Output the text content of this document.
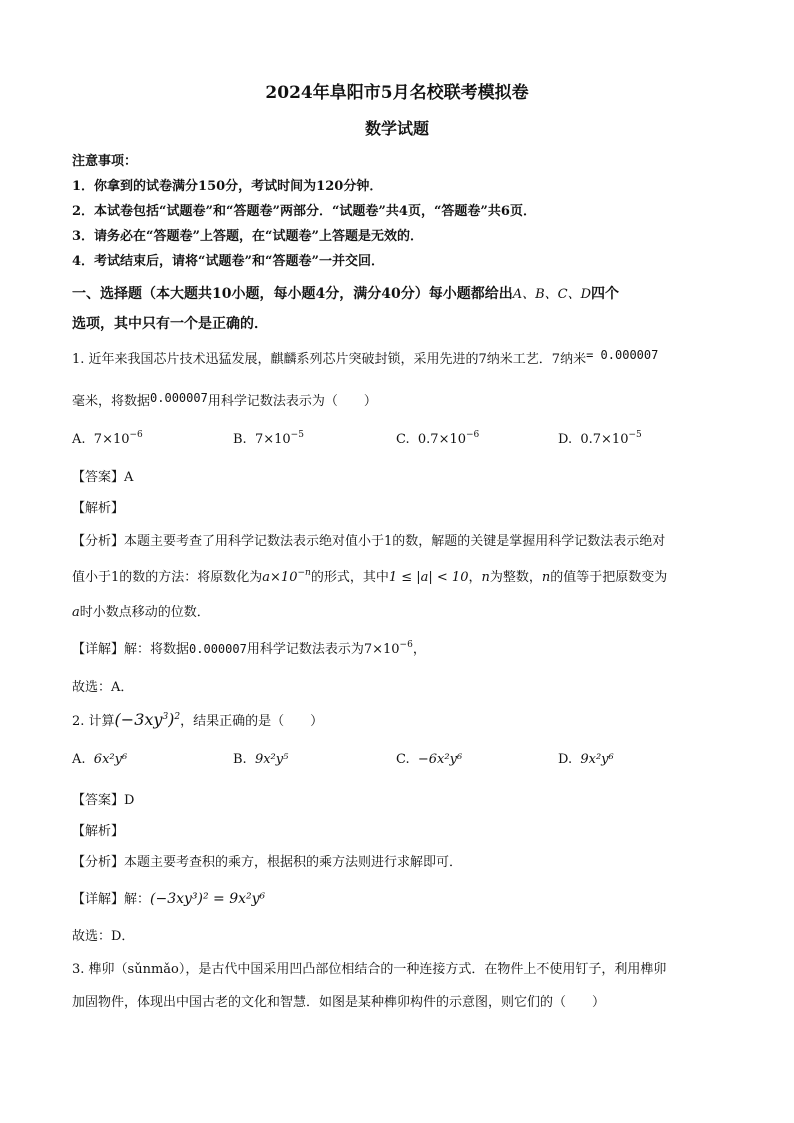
2024年阜阳市5月名校联考模拟卷
数学试题
注意事项：
1．你拿到的试卷满分150分，考试时间为120分钟．
2．本试卷包括“试题卷”和“答题卷”两部分．“试题卷”共4页，“答题卷”共6页．
3．请务必在“答题卷”上答题，在“试题卷”上答题是无效的．
4．考试结束后，请将“试题卷”和“答题卷”一并交回．
一、选择题（本大题共10小题，每小题4分，满分40分）每小题都给出A、B、C、D四个
选项，其中只有一个是正确的．
1. 近年来我国芯片技术迅猛发展，麒麟系列芯片突破封锁，采用先进的7纳米工艺．7纳米= 0.000007
毫米，将数据0.000007用科学记数法表示为（　　）
A. $7\times 10^{-6}$	B. $7\times 10^{-5}$	C. $0.7\times 10^{-6}$	D. $0.7\times 10^{-5}$
【答案】A
【解析】
【分析】本题主要考查了用科学记数法表示绝对值小于1的数，解题的关键是掌握用科学记数法表示绝对
值小于1的数的方法：将原数化为$a\times 10^{-n}$的形式，其中1 ≤ |a| < 10，n为整数，n的值等于把原数变为
a时小数点移动的位数．
【详解】解：将数据0.000007用科学记数法表示为$7\times 10^{-6}$，
故选：A．
2. 计算$(-3xy^3)^2$，结果正确的是（　　）
A. 6x²y⁶	B. 9x²y⁵	C. −6x²y⁶	D. 9x²y⁶
【答案】D
【解析】
【分析】本题主要考查积的乘方，根据积的乘方法则进行求解即可．
【详解】解：(−3xy³)² = 9x²y⁶
故选：D．
3. 榫卯（sǔnmǎo），是古代中国采用凹凸部位相结合的一种连接方式．在物件上不使用钉子，利用榫卯
加固物件，体现出中国古老的文化和智慧．如图是某种榫卯构件的示意图，则它们的（　　）
